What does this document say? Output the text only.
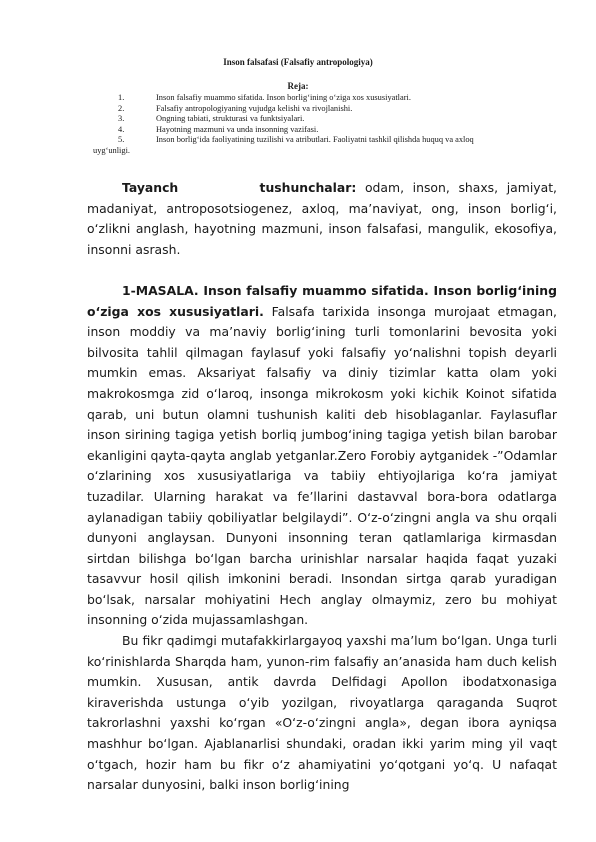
Inson falsafasi (Falsafiy antropologiya)
Reja:
1.	Inson falsafiy muammo sifatida. Inson borlig‘ining o‘ziga xos xususiyatlari.
2.	Falsafiy antropologiyaning vujudga kelishi va rivojlanishi.
3.	Ongning tabiati, strukturasi va funktsiyalari.
4.	Hayotning mazmuni va unda insonning vazifasi.
5.	Inson borlig‘ida faoliyatining tuzilishi va atributlari. Faoliyatni tashkil qilishda huquq va axloq
uyg‘unligi.

Tayanch         tushunchalar: odam, inson, shaxs, jamiyat, madaniyat, antroposotsiogenez, axloq, ma’naviyat, ong, inson borlig‘i, o‘zlikni anglash, hayotning mazmuni, inson falsafasi, mangulik, ekosofiya, insonni asrash.

1-MASALA. Inson falsafiy muammo sifatida. Inson borlig‘ining o‘ziga xos xususiyatlari. Falsafa tarixida insonga murojaat etmagan, inson moddiy va ma’naviy borlig‘ining turli tomonlarini bevosita yoki bilvosita tahlil qilmagan faylasuf yoki falsafiy yo‘nalishni topish deyarli mumkin emas. Aksariyat falsafiy va diniy tizimlar katta olam yoki makrokosmga zid o‘laroq, insonga mikrokosm yoki kichik Koinot sifatida qarab, uni butun olamni tushunish kaliti deb hisoblaganlar. Faylasuflar inson sirining tagiga yetish borliq jumbog‘ining tagiga yetish bilan barobar ekanligini qayta-qayta anglab yetganlar.Zero Forobiy aytganidek -”Odamlar o‘zlarining xos xususiyatlariga va tabiiy ehtiyojlariga ko‘ra jamiyat tuzadilar. Ularning harakat va fe’llarini dastavval bora-bora odatlarga aylanadigan tabiiy qobiliyatlar belgilaydi”. O‘z-o‘zingni angla va shu orqali dunyoni anglaysan. Dunyoni insonning teran qatlamlariga kirmasdan sirtdan bilishga bo‘lgan barcha urinishlar narsalar haqida faqat yuzaki tasavvur hosil qilish imkonini beradi. Insondan sirtga qarab yuradigan bo‘lsak, narsalar mohiyatini Hech anglay olmaymiz, zero bu mohiyat insonning o‘zida mujassamlashgan.

Bu fikr qadimgi mutafakkirlargayoq yaxshi ma’lum bo‘lgan. Unga turli ko‘rinishlarda Sharqda ham, yunon-rim falsafiy an’anasida ham duch kelish mumkin. Xususan, antik davrda Delfidagi Apollon ibodatxonasiga kiraverishda ustunga o‘yib yozilgan, rivoyatlarga qaraganda Suqrot takrorlashni yaxshi ko‘rgan «O‘z-o‘zingni angla», degan ibora ayniqsa mashhur bo‘lgan. Ajablanarlisi shundaki, oradan ikki yarim ming yil vaqt o‘tgach, hozir ham bu fikr o‘z ahamiyatini yo‘qotgani yo‘q. U nafaqat narsalar dunyosini, balki inson borlig‘ining
